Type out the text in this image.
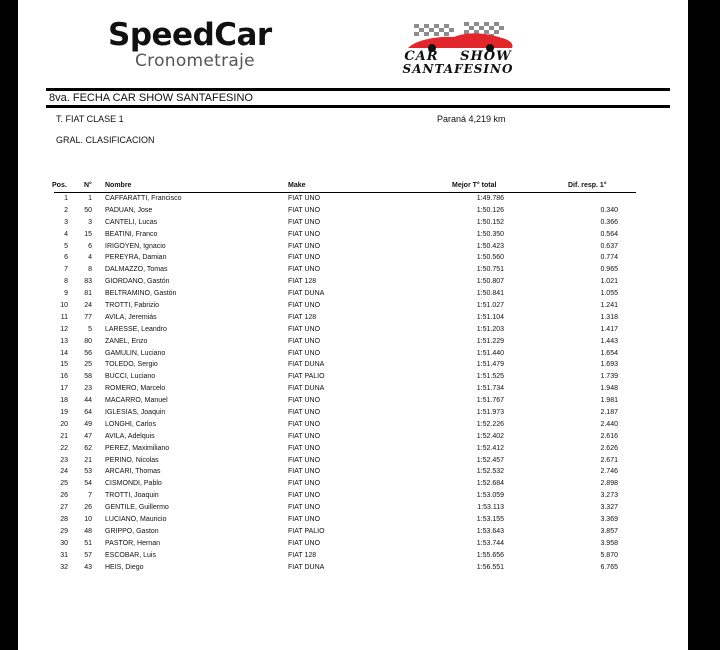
SpeedCar
Cronometraje	CAR SHOW
SANTAFESINO
8va. FECHA CAR SHOW SANTAFESINO
T. FIAT CLASE 1	Paraná 4,219 km
GRAL. CLASIFICACION
Pos. N°	Nombre	Make	Mejor T° total	Dif. resp. 1°
1	1 CAFFARATTI, Francisco	FIAT UNO	1:49.786
2	50 PADUAN, Jose	FIAT UNO	1:50.126	0.340
3	3 CANTELI, Lucas	FIAT UNO	1:50.152	0.366
4	15 BEATINI, Franco	FIAT UNO	1:50.350	0.564
5	6 IRIGOYEN, Ignacio	FIAT UNO	1:50.423	0.637
6	4 PEREYRA, Damian	FIAT UNO	1:50.560	0.774
7	8 DALMAZZO, Tomas	FIAT UNO	1:50.751	0.965
8	83 GIORDANO, Gastón	FIAT 128	1:50.807	1.021
9	81 BELTRAMINO, Gastón	FIAT DUNA	1:50.841	1.055
10	24 TROTTI, Fabrizio	FIAT UNO	1:51.027	1.241
11	77 AVILA, Jeremiás	FIAT 128	1:51.104	1.318
12	5 LARESSE, Leandro	FIAT UNO	1:51.203	1.417
13	80 ZANEL, Enzo	FIAT UNO	1:51.229	1.443
14	56 GAMULIN, Luciano	FIAT UNO	1:51.440	1.654
15	25 TOLEDO, Sergio	FIAT DUNA	1:51.479	1.693
16	58 BUCCI, Luciano	FIAT PALIO	1:51.525	1.739
17	23 ROMERO, Marcelo	FIAT DUNA	1:51.734	1.948
18	44 MACARRO, Manuel	FIAT UNO	1:51.767	1.981
19	64 IGLESIAS, Joaquin	FIAT UNO	1:51.973	2.187
20	49 LONGHI, Carlos	FIAT UNO	1:52.226	2.440
21	47 AVILA, Adelquis	FIAT UNO	1:52.402	2.616
22	62 PEREZ, Maximiliano	FIAT UNO	1:52.412	2.626
23	21 PERINO, Nicolas	FIAT UNO	1:52.457	2.671
24	53 ARCARI, Thomas	FIAT UNO	1:52.532	2.746
25	54 CISMONDI, Pablo	FIAT UNO	1:52.684	2.898
26	7 TROTTI, Joaquin	FIAT UNO	1:53.059	3.273
27	26 GENTILE, Guillermo	FIAT UNO	1:53.113	3.327
28	10 LUCIANO, Mauricio	FIAT UNO	1:53.155	3.369
29	48 GRIPPO, Gaston	FIAT PALIO	1:53.643	3.857
30	51 PASTOR, Hernan	FIAT UNO	1:53.744	3.958
31	57 ESCOBAR, Luis	FIAT 128	1:55.656	5.870
32	43 HEIS, Diego	FIAT DUNA	1:56.551	6.765
